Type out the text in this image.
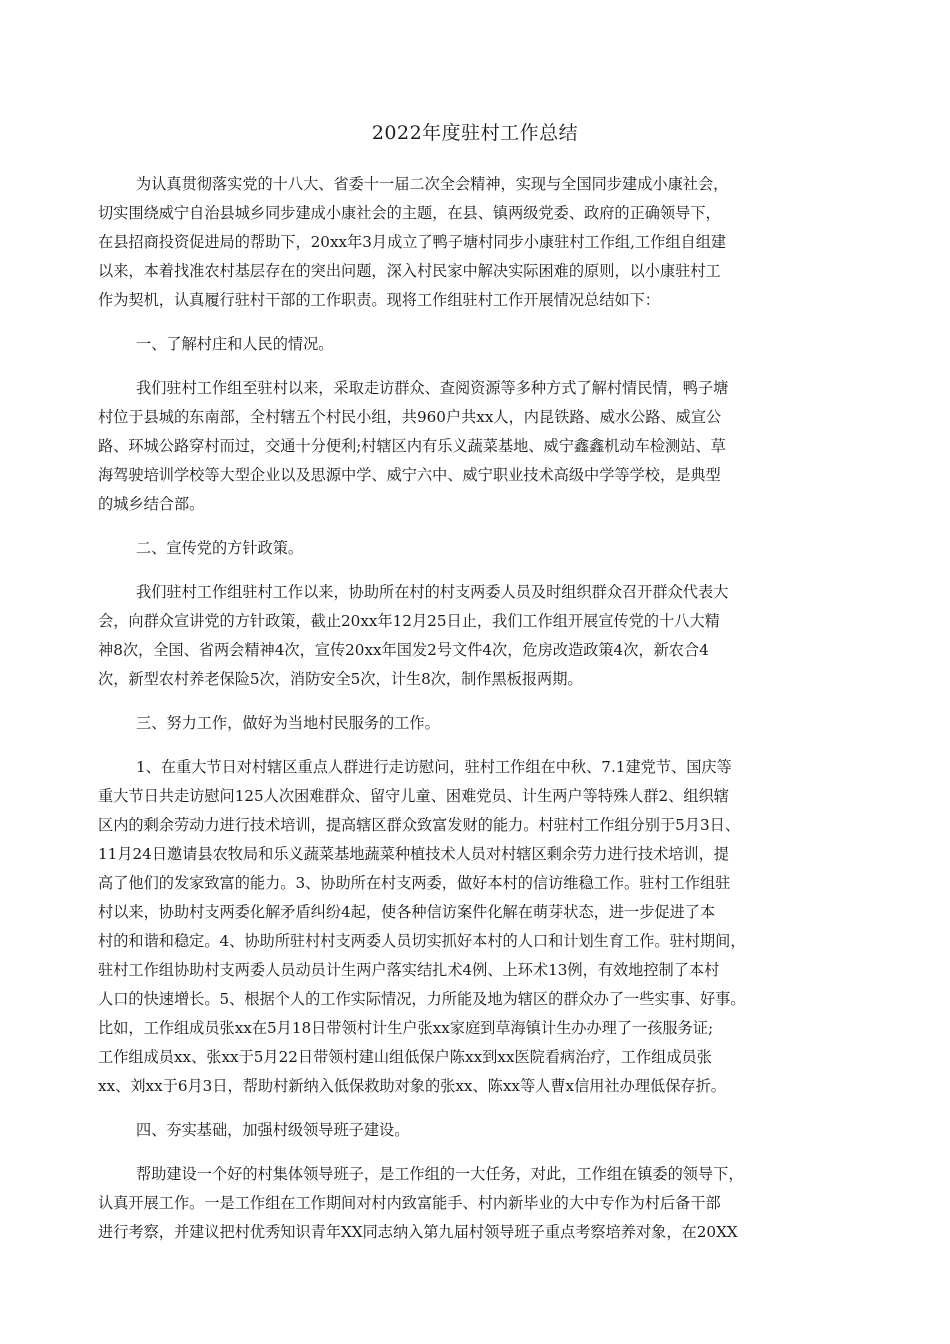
2022年度驻村工作总结
为认真贯彻落实党的十八大、省委十一届二次全会精神，实现与全国同步建成小康社会，
切实围绕威宁自治县城乡同步建成小康社会的主题，在县、镇两级党委、政府的正确领导下，
在县招商投资促进局的帮助下，20xx年3月成立了鸭子塘村同步小康驻村工作组,工作组自组建
以来，本着找准农村基层存在的突出问题，深入村民家中解决实际困难的原则，以小康驻村工
作为契机，认真履行驻村干部的工作职责。现将工作组驻村工作开展情况总结如下：
一、了解村庄和人民的情况。
我们驻村工作组至驻村以来，采取走访群众、查阅资源等多种方式了解村情民情，鸭子塘
村位于县城的东南部，全村辖五个村民小组，共960户共xx人，内昆铁路、威水公路、威宣公
路、环城公路穿村而过，交通十分便利;村辖区内有乐义蔬菜基地、威宁鑫鑫机动车检测站、草
海驾驶培训学校等大型企业以及思源中学、威宁六中、威宁职业技术高级中学等学校，是典型
的城乡结合部。
二、宣传党的方针政策。
我们驻村工作组驻村工作以来，协助所在村的村支两委人员及时组织群众召开群众代表大
会，向群众宣讲党的方针政策，截止20xx年12月25日止，我们工作组开展宣传党的十八大精
神8次，全国、省两会精神4次，宣传20xx年国发2号文件4次，危房改造政策4次，新农合4
次，新型农村养老保险5次，消防安全5次，计生8次，制作黑板报两期。
三、努力工作，做好为当地村民服务的工作。
1、在重大节日对村辖区重点人群进行走访慰问，驻村工作组在中秋、7.1建党节、国庆等
重大节日共走访慰问125人次困难群众、留守儿童、困难党员、计生两户等特殊人群2、组织辖
区内的剩余劳动力进行技术培训，提高辖区群众致富发财的能力。村驻村工作组分别于5月3日、
11月24日邀请县农牧局和乐义蔬菜基地蔬菜种植技术人员对村辖区剩余劳力进行技术培训，提
高了他们的发家致富的能力。3、协助所在村支两委，做好本村的信访维稳工作。驻村工作组驻
村以来，协助村支两委化解矛盾纠纷4起，使各种信访案件化解在萌芽状态，进一步促进了本
村的和谐和稳定。4、协助所驻村村支两委人员切实抓好本村的人口和计划生育工作。驻村期间，
驻村工作组协助村支两委人员动员计生两户落实结扎术4例、上环术13例，有效地控制了本村
人口的快速增长。5、根据个人的工作实际情况，力所能及地为辖区的群众办了一些实事、好事。
比如，工作组成员张xx在5月18日带领村计生户张xx家庭到草海镇计生办办理了一孩服务证;
工作组成员xx、张xx于5月22日带领村建山组低保户陈xx到xx医院看病治疗，工作组成员张
xx、刘xx于6月3日，帮助村新纳入低保救助对象的张xx、陈xx等人曹x信用社办理低保存折。
四、夯实基础，加强村级领导班子建设。
帮助建设一个好的村集体领导班子，是工作组的一大任务，对此，工作组在镇委的领导下，
认真开展工作。一是工作组在工作期间对村内致富能手、村内新毕业的大中专作为村后备干部
进行考察，并建议把村优秀知识青年XX同志纳入第九届村领导班子重点考察培养对象，在20XX
